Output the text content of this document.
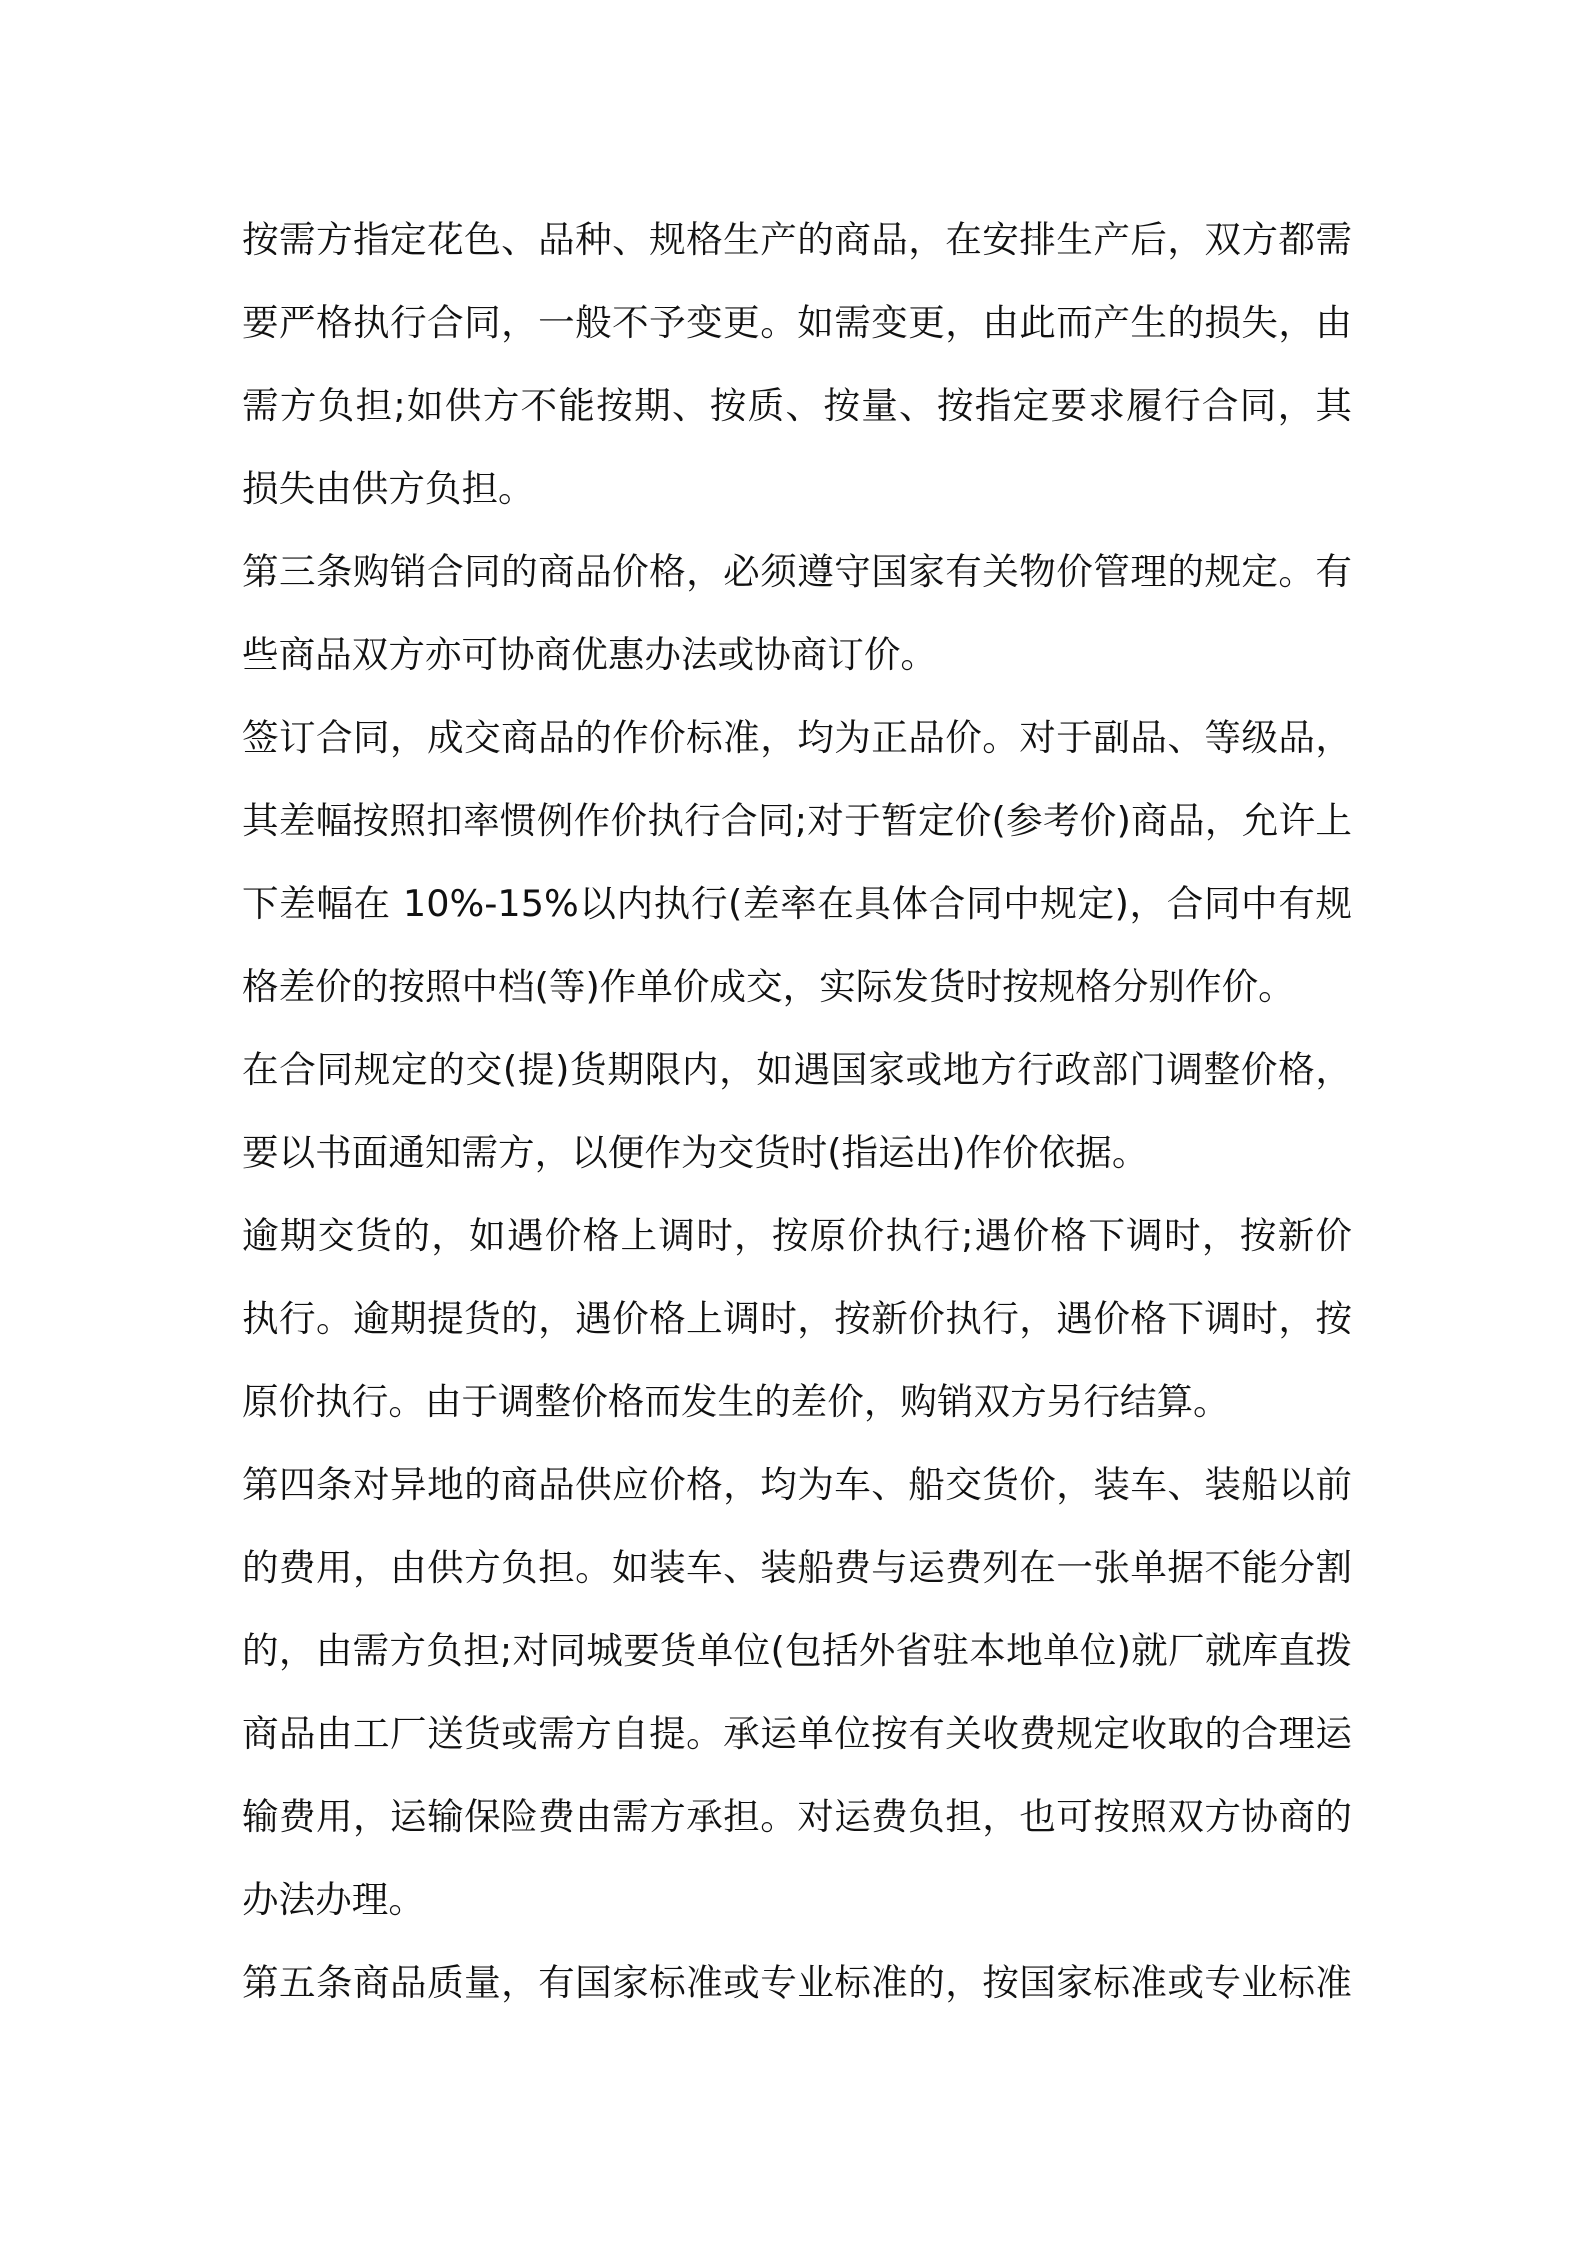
按需方指定花色、品种、规格生产的商品，在安排生产后，双方都需
要严格执行合同，一般不予变更。如需变更，由此而产生的损失，由
需方负担;如供方不能按期、按质、按量、按指定要求履行合同，其
损失由供方负担。
第三条购销合同的商品价格，必须遵守国家有关物价管理的规定。有
些商品双方亦可协商优惠办法或协商订价。
签订合同，成交商品的作价标准，均为正品价。对于副品、等级品，
其差幅按照扣率惯例作价执行合同;对于暂定价(参考价)商品，允许上
下差幅在 10%-15%以内执行(差率在具体合同中规定)，合同中有规
格差价的按照中档(等)作单价成交，实际发货时按规格分别作价。
在合同规定的交(提)货期限内，如遇国家或地方行政部门调整价格，
要以书面通知需方，以便作为交货时(指运出)作价依据。
逾期交货的，如遇价格上调时，按原价执行;遇价格下调时，按新价
执行。逾期提货的，遇价格上调时，按新价执行，遇价格下调时，按
原价执行。由于调整价格而发生的差价，购销双方另行结算。
第四条对异地的商品供应价格，均为车、船交货价，装车、装船以前
的费用，由供方负担。如装车、装船费与运费列在一张单据不能分割
的，由需方负担;对同城要货单位(包括外省驻本地单位)就厂就库直拨
商品由工厂送货或需方自提。承运单位按有关收费规定收取的合理运
输费用，运输保险费由需方承担。对运费负担，也可按照双方协商的
办法办理。
第五条商品质量，有国家标准或专业标准的，按国家标准或专业标准
